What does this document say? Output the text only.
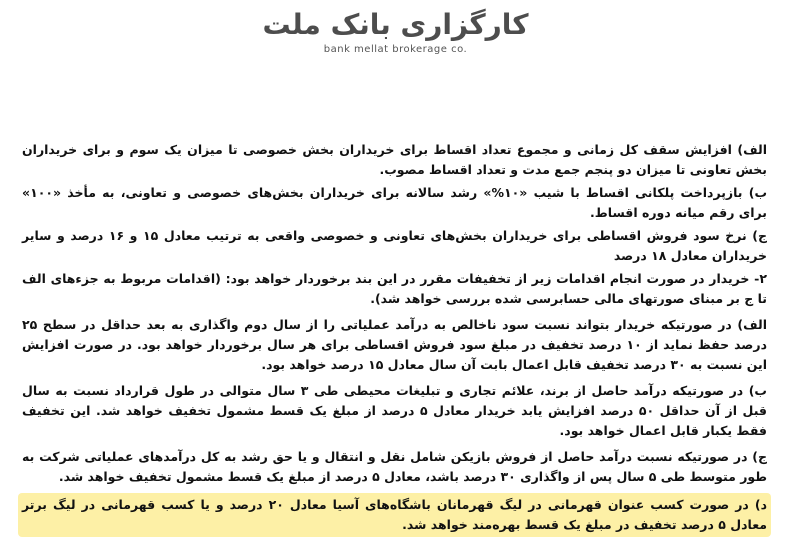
کارگزاری بانک ملت
bank mellat brokerage co.

الف) افزایش سقف کل زمانی و مجموع تعداد اقساط برای خریداران بخش خصوصی تا میزان یک سوم و برای خریداران بخش تعاونی تا میزان دو پنجم جمع مدت و تعداد اقساط مصوب.

ب) بازپرداخت پلکانی اقساط با شیب «۱۰%» رشد سالانه برای خریداران بخش‌های خصوصی و تعاونی، به مأخذ «۱۰۰» برای رقم میانه دوره اقساط.

ج) نرخ سود فروش اقساطی برای خریداران بخش‌های تعاونی و خصوصی واقعی به ترتیب معادل ۱۵ و ۱۶ درصد و سایر خریداران معادل ۱۸ درصد

۲- خریدار در صورت انجام اقدامات زیر از تخفیفات مقرر در این بند برخوردار خواهد بود: (اقدامات مربوط به جزءهای الف تا ج بر مبنای صورتهای مالی حسابرسی شده بررسی خواهد شد).

الف) در صورتیکه خریدار بتواند نسبت سود ناخالص به درآمد عملیاتی را از سال دوم واگذاری به بعد حداقل در سطح ۲۵ درصد حفظ نماید از ۱۰ درصد تخفیف در مبلغ سود فروش اقساطی برای هر سال برخوردار خواهد بود. در صورت افزایش این نسبت به ۳۰ درصد تخفیف قابل اعمال بابت آن سال معادل ۱۵ درصد خواهد بود.

ب) در صورتیکه درآمد حاصل از برند، علائم تجاری و تبلیغات محیطی طی ۳ سال متوالی در طول قرارداد نسبت به سال قبل از آن حداقل ۵۰ درصد افزایش یابد خریدار معادل ۵ درصد از مبلغ یک قسط مشمول تخفیف خواهد شد. این تخفیف فقط یکبار قابل اعمال خواهد بود.

ج) در صورتیکه نسبت درآمد حاصل از فروش بازیکن شامل نقل و انتقال و یا حق رشد به کل درآمدهای عملیاتی شرکت به طور متوسط طی ۵ سال پس از واگذاری ۳۰ درصد باشد، معادل ۵ درصد از مبلغ یک قسط مشمول تخفیف خواهد شد.

د) در صورت کسب عنوان قهرمانی در لیگ قهرمانان باشگاه‌های آسیا معادل ۲۰ درصد و یا کسب قهرمانی در لیگ برتر معادل ۵ درصد تخفیف در مبلغ یک قسط بهره‌مند خواهد شد.
